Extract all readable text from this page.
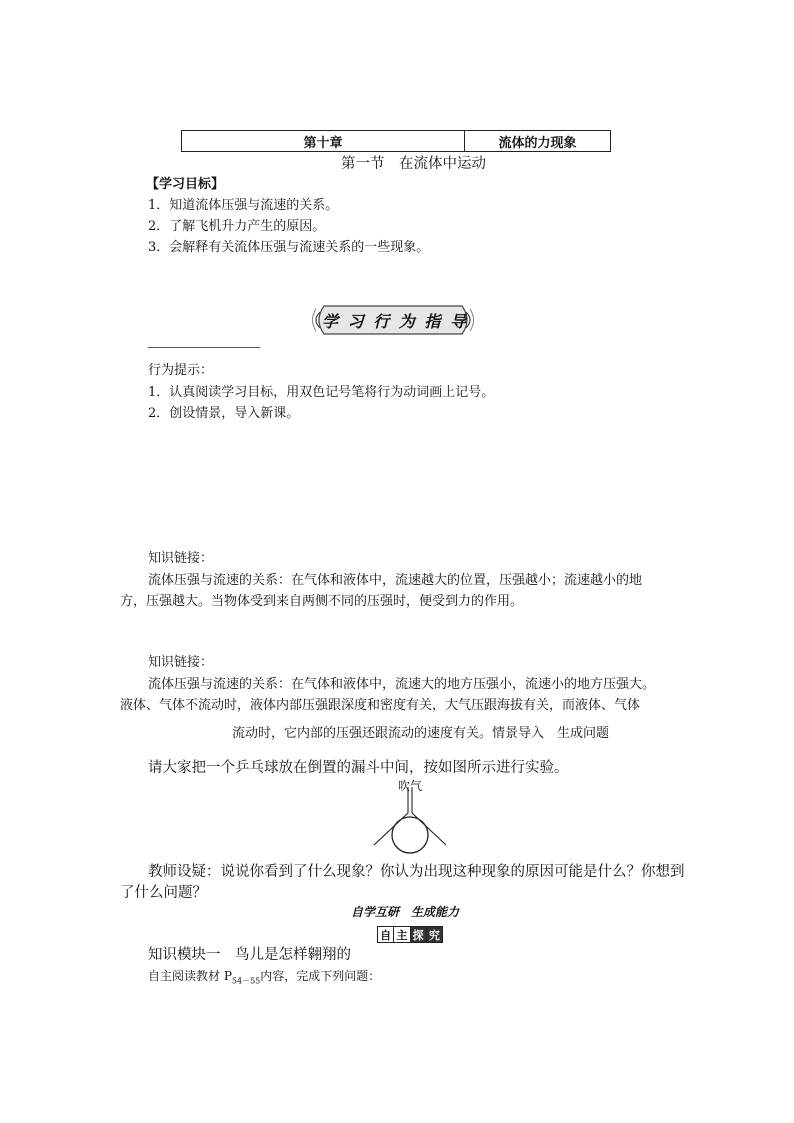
第十章	流体的力现象
第一节　在流体中运动
【学习目标】
1．知道流体压强与流速的关系。
2．了解飞机升力产生的原因。
3．会解释有关流体压强与流速关系的一些现象。
学 习 行 为 指 导
行为提示：
1．认真阅读学习目标，用双色记号笔将行为动词画上记号。
2．创设情景，导入新课。
知识链接：
流体压强与流速的关系：在气体和液体中，流速越大的位置，压强越小；流速越小的地
方，压强越大。当物体受到来自两侧不同的压强时，便受到力的作用。
知识链接：
流体压强与流速的关系：在气体和液体中，流速大的地方压强小，流速小的地方压强大。
液体、气体不流动时，液体内部压强跟深度和密度有关，大气压跟海拔有关，而液体、气体
流动时，它内部的压强还跟流动的速度有关。情景导入　生成问题
请大家把一个乒乓球放在倒置的漏斗中间，按如图所示进行实验。
吹气
教师设疑：说说你看到了什么现象？你认为出现这种现象的原因可能是什么？你想到
了什么问题？
自学互研　生成能力
自 主 探 究
知识模块一　鸟儿是怎样翱翔的
自主阅读教材 $P_{54-55}$内容，完成下列问题：
